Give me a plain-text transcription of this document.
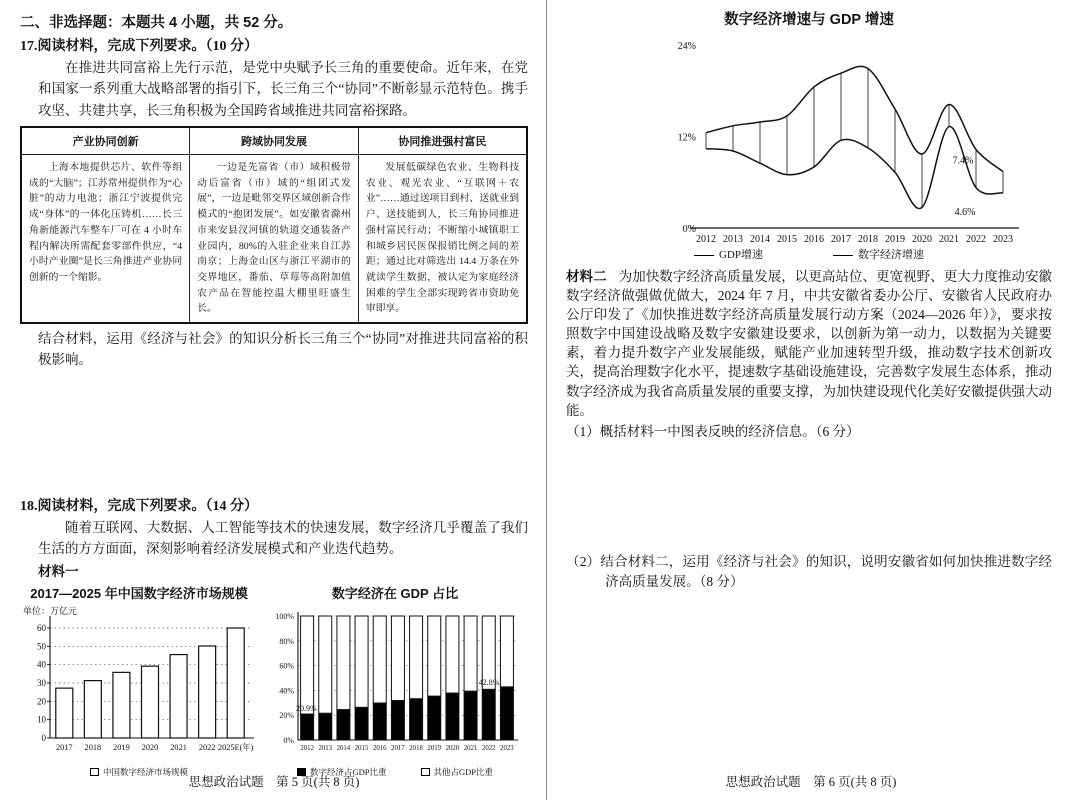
二、非选择题：本题共 4 小题，共 52 分。

17.阅读材料，完成下列要求。（10 分）

在推进共同富裕上先行示范，是党中央赋予长三角的重要使命。近年来，在党和国家一系列重大战略部署的指引下，长三角三个“协同”不断彰显示范特色。携手攻坚、共建共享，长三角积极为全国跨省域推进共同富裕探路。

产业协同创新	跨域协同发展	协同推进强村富民
上海本地提供芯片、软件等组成的“大脑”；江苏常州提供作为“心脏”的动力电池；浙江宁波提供完成“身体”的一体化压铸机……长三角新能源汽车整车厂可在 4 小时车程内解决所需配套零部件供应，“4 小时产业圈”是长三角推进产业协同创新的一个缩影。	一边是先富省（市）域积极带动后富省（市）域的“组团式发展”，一边是毗邻交界区域创新合作模式的“抱团发展”。如安徽省滁州市来安县汊河镇的轨道交通装备产业园内，80%的入驻企业来自江苏南京；上海金山区与浙江平湖市的交界地区，番茄、草莓等高附加值农产品在智能控温大棚里旺盛生长。	发展低碳绿色农业、生物科技农业、观光农业、“互联网＋农业”……通过送项目到村、送就业到户、送技能到人，长三角协同推进强村富民行动；不断缩小城镇职工和城乡居民医保报销比例之间的差距；通过比对筛选出 14.4 万条在外就读学生数据，被认定为家庭经济困难的学生全部实现跨省市资助免审即享。

结合材料，运用《经济与社会》的知识分析长三角三个“协同”对推进共同富裕的积极影响。

18.阅读材料，完成下列要求。（14 分）

随着互联网、大数据、人工智能等技术的快速发展，数字经济几乎覆盖了我们生活的方方面面，深刻影响着经济发展模式和产业迭代趋势。

材料一

2017—2025 年中国数字经济市场规模
单位：万亿元
0
10
20
30
40
50
60
2017 2018 2019 2020 2021 2022 2025E(年)
中国数字经济市场规模
数字经济在 GDP 占比
0%
20%
40%
60%
80%
100%
2012 2013 2014 2015 2016 2017 2018 2019 2020 2021 2022 2023
20.9%
42.8%
数字经济占GDP比重	其他占GDP比重
思想政治试题　第 5 页(共 8 页)
数字经济增速与 GDP 增速
24%
12%
0%
2012 2013 2014 2015 2016 2017 2018 2019 2020 2021 2022 2023
7.4%
4.6%
GDP增速	数字经济增速

材料二 为加快数字经济高质量发展，以更高站位、更宽视野、更大力度推动安徽数字经济做强做优做大，2024 年 7 月，中共安徽省委办公厅、安徽省人民政府办公厅印发了《加快推进数字经济高质量发展行动方案（2024—2026 年）》，要求按照数字中国建设战略及数字安徽建设要求，以创新为第一动力，以数据为关键要素，着力提升数字产业发展能级，赋能产业加速转型升级，推动数字技术创新攻关，提高治理数字化水平，提速数字基础设施建设，完善数字发展生态体系，推动数字经济成为我省高质量发展的重要支撑，为加快建设现代化美好安徽提供强大动能。

（1）概括材料一中图表反映的经济信息。（6 分）

（2）结合材料二，运用《经济与社会》的知识，说明安徽省如何加快推进数字经济高质量发展。（8 分）

思想政治试题　第 6 页(共 8 页)
